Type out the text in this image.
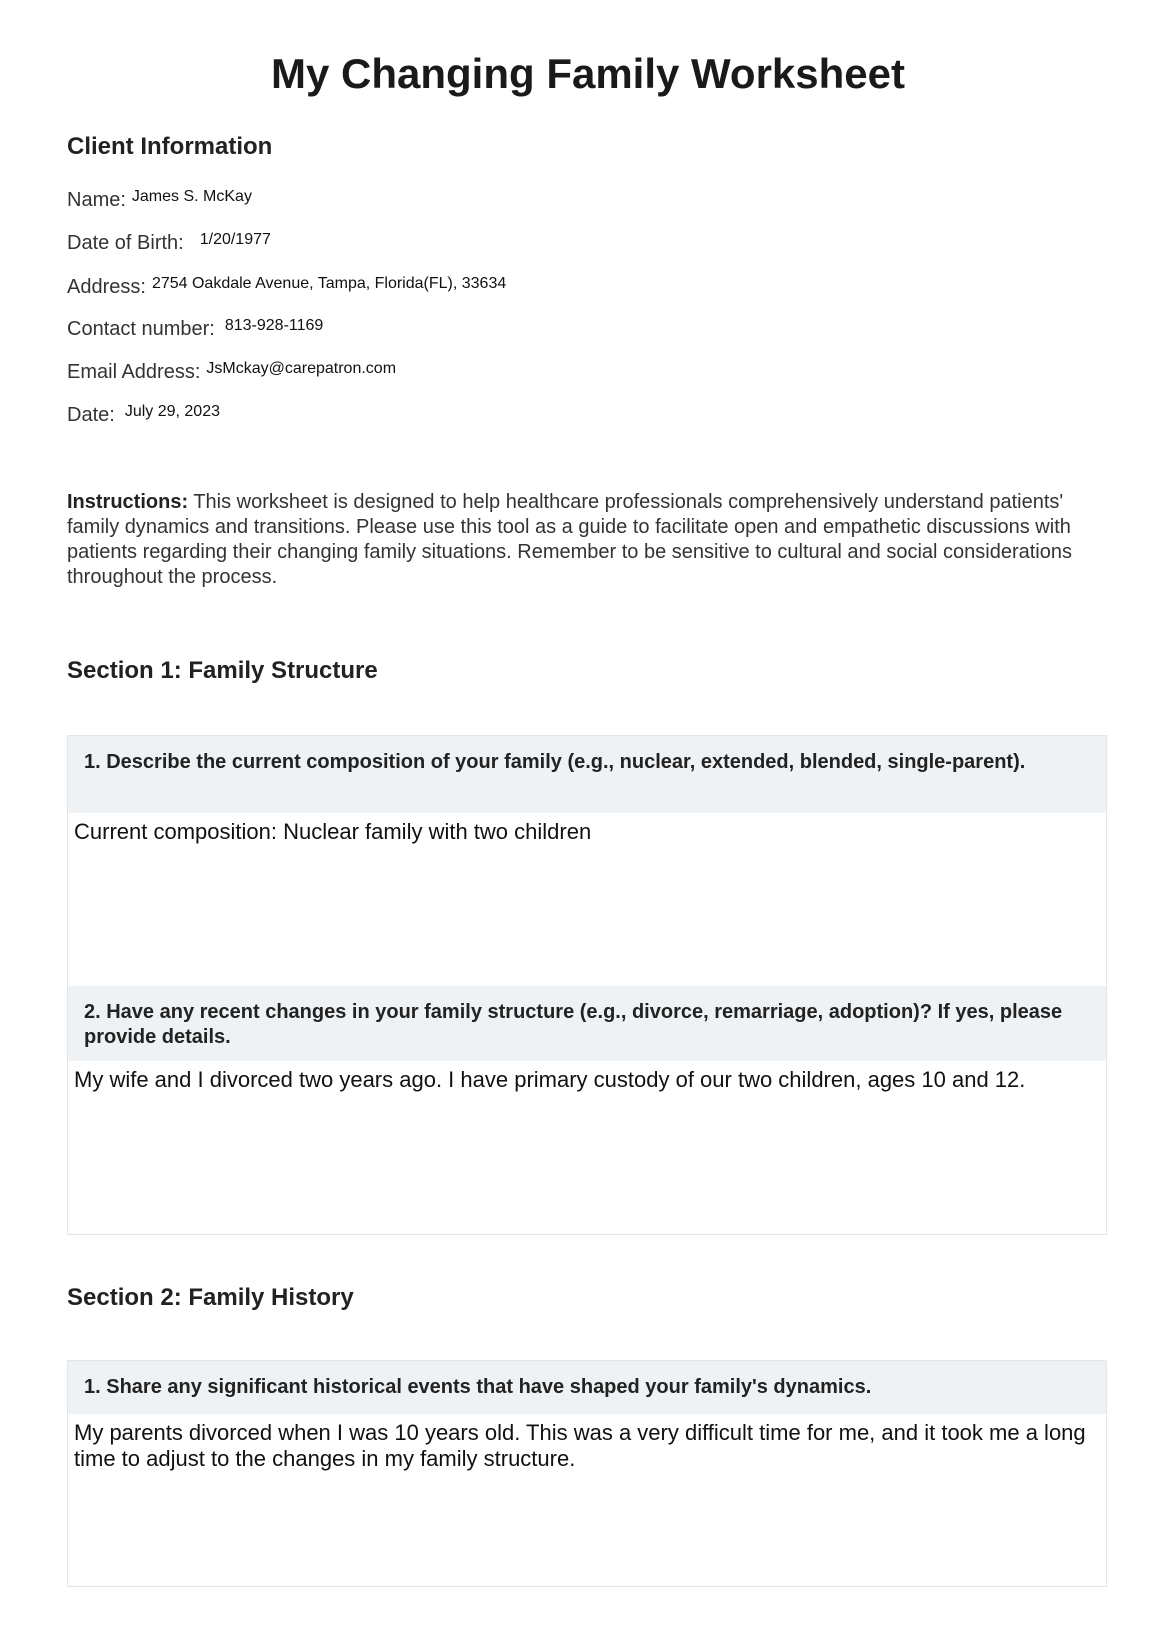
My Changing Family Worksheet
Client Information
Name: $^{James S. McKay}$
Date of Birth: $^{1/20/1977}$
Address: $^{2754 Oakdale Avenue, Tampa, Florida(FL), 33634}$
Contact number: $^{813-928-1169}$
Email Address: $^{JsMckay@carepatron.com}$
Date: $^{July 29, 2023}$
Instructions: This worksheet is designed to help healthcare professionals comprehensively understand patients' family dynamics and transitions. Please use this tool as a guide to facilitate open and empathetic discussions with patients regarding their changing family situations. Remember to be sensitive to cultural and social considerations throughout the process.
Section 1: Family Structure
1. Describe the current composition of your family (e.g., nuclear, extended, blended, single-parent).
Current composition: Nuclear family with two children
2. Have any recent changes in your family structure (e.g., divorce, remarriage, adoption)? If yes, please provide details.
My wife and I divorced two years ago. I have primary custody of our two children, ages 10 and 12.
Section 2: Family History
1. Share any significant historical events that have shaped your family's dynamics.
My parents divorced when I was 10 years old. This was a very difficult time for me, and it took me a long time to adjust to the changes in my family structure.
